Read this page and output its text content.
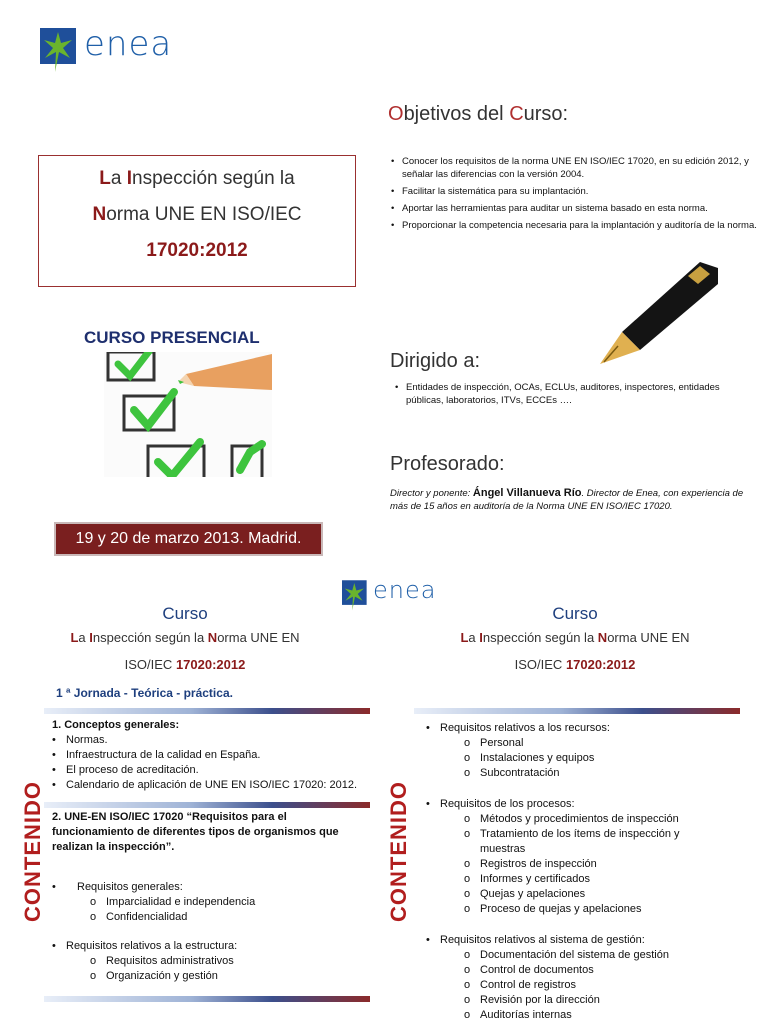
enea
La Inspección según la
Norma UNE EN ISO/IEC
17020:2012
CURSO PRESENCIAL
19 y 20 de marzo 2013. Madrid.
Objetivos del Curso:
• Conocer los requisitos de la norma UNE EN ISO/IEC 17020, en su edición 2012, y señalar las diferencias con la versión 2004.
• Facilitar la sistemática para su implantación.
• Aportar las herramientas para auditar un sistema basado en esta norma.
• Proporcionar la competencia necesaria para la implantación y auditoría de la norma.
Dirigido a:
• Entidades de inspección, OCAs, ECLUs, auditores, inspectores, entidades públicas, laboratorios, ITVs, ECCEs ….
Profesorado:
Director y ponente: Ángel Villanueva Río. Director de Enea, con experiencia de más de 15 años en auditoría de la Norma UNE EN ISO/IEC 17020.
enea
Curso
La Inspección según la Norma UNE EN
ISO/IEC 17020:2012
1 ª Jornada - Teórica - práctica.
Curso
La Inspección según la Norma UNE EN
ISO/IEC 17020:2012
CONTENIDO	CONTENIDO
1. Conceptos generales:
• Normas.
• Infraestructura de la calidad en España.
• El proceso de acreditación.
• Calendario de aplicación de UNE EN ISO/IEC 17020: 2012.
2. UNE-EN ISO/IEC 17020 “Requisitos para el funcionamiento de diferentes tipos de organismos que realizan la inspección”.
• Requisitos generales:
o Imparcialidad e independencia
o Confidencialidad
• Requisitos relativos a la estructura:
o Requisitos administrativos
o Organización y gestión
• Requisitos relativos a los recursos:
o Personal
o Instalaciones y equipos
o Subcontratación
• Requisitos de los procesos:
o Métodos y procedimientos de inspección
o Tratamiento de los ítems de inspección y
muestras
o Registros de inspección
o Informes y certificados
o Quejas y apelaciones
o Proceso de quejas y apelaciones
• Requisitos relativos al sistema de gestión:
o Documentación del sistema de gestión
o Control de documentos
o Control de registros
o Revisión por la dirección
o Auditorías internas
